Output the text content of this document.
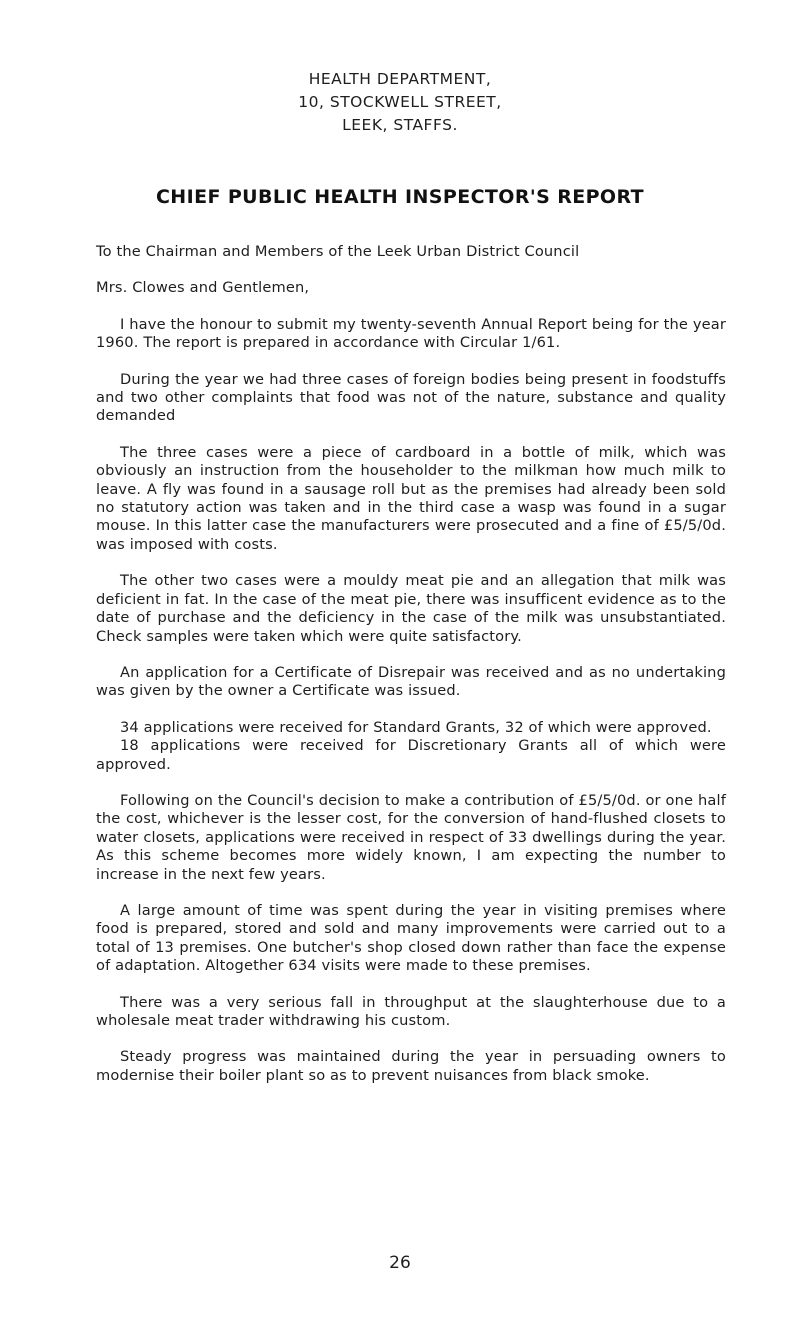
HEALTH DEPARTMENT,
10, STOCKWELL STREET,
LEEK, STAFFS.
CHIEF PUBLIC HEALTH INSPECTOR'S REPORT

To the Chairman and Members of the Leek Urban District Council

Mrs. Clowes and Gentlemen,

I have the honour to submit my twenty-seventh Annual Report being for the year 1960. The report is prepared in accordance with Circular 1/61.

During the year we had three cases of foreign bodies being present in foodstuffs and two other complaints that food was not of the nature, substance and quality demanded

The three cases were a piece of cardboard in a bottle of milk, which was obviously an instruction from the householder to the milkman how much milk to leave. A fly was found in a sausage roll but as the premises had already been sold no statutory action was taken and in the third case a wasp was found in a sugar mouse. In this latter case the manufacturers were prosecuted and a fine of £5/5/0d. was imposed with costs.

The other two cases were a mouldy meat pie and an allegation that milk was deficient in fat. In the case of the meat pie, there was insufficent evidence as to the date of purchase and the deficiency in the case of the milk was unsubstantiated. Check samples were taken which were quite satisfactory.

An application for a Certificate of Disrepair was received and as no undertaking was given by the owner a Certificate was issued.

34 applications were received for Standard Grants, 32 of which were approved.

18 applications were received for Discretionary Grants all of which were approved.

Following on the Council's decision to make a contribution of £5/5/0d. or one half the cost, whichever is the lesser cost, for the conversion of hand-flushed closets to water closets, applications were received in respect of 33 dwellings during the year. As this scheme becomes more widely known, I am expecting the number to increase in the next few years.

A large amount of time was spent during the year in visiting premises where food is prepared, stored and sold and many improvements were carried out to a total of 13 premises. One butcher's shop closed down rather than face the expense of adaptation. Altogether 634 visits were made to these premises.

There was a very serious fall in throughput at the slaughterhouse due to a wholesale meat trader withdrawing his custom.

Steady progress was maintained during the year in persuading owners to modernise their boiler plant so as to prevent nuisances from black smoke.

26
